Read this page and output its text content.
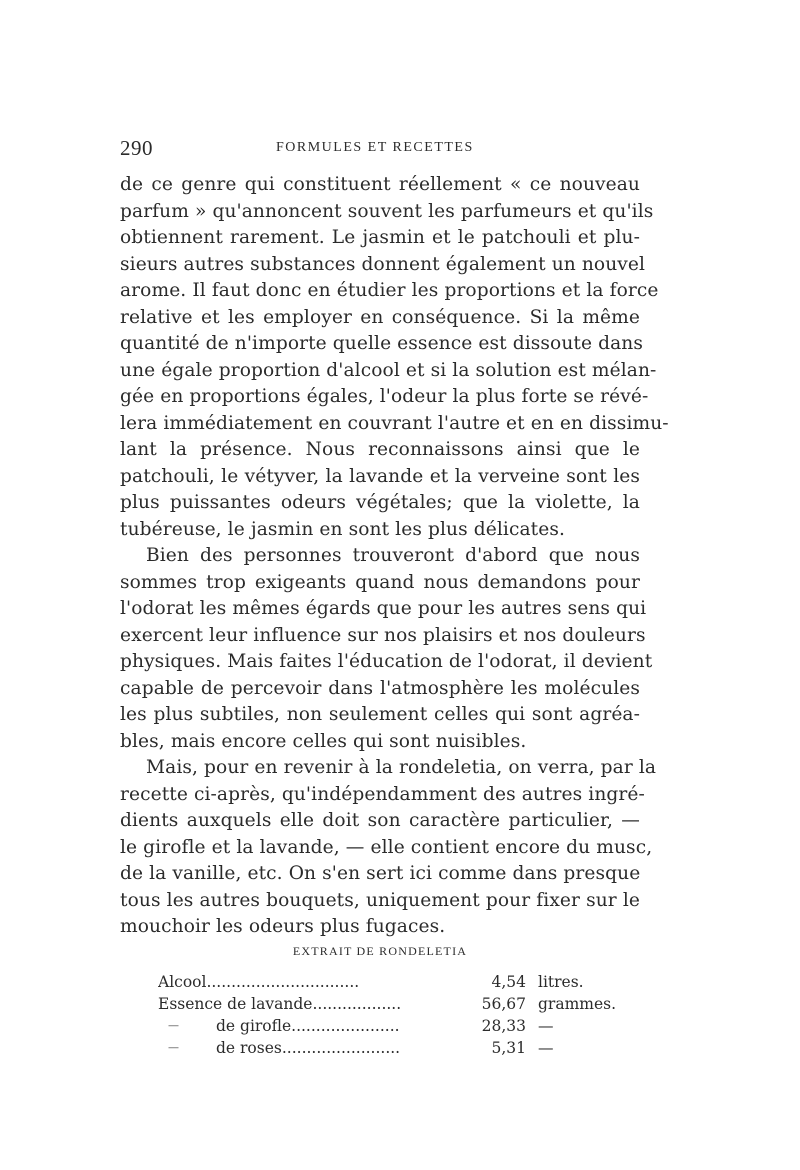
290	FORMULES ET RECETTES
de ce genre qui constituent réellement « ce nouveau
parfum » qu'annoncent souvent les parfumeurs et qu'ils
obtiennent rarement. Le jasmin et le patchouli et plu-
sieurs autres substances donnent également un nouvel
arome. Il faut donc en étudier les proportions et la force
relative et les employer en conséquence. Si la même
quantité de n'importe quelle essence est dissoute dans
une égale proportion d'alcool et si la solution est mélan-
gée en proportions égales, l'odeur la plus forte se révé-
lera immédiatement en couvrant l'autre et en en dissimu-
lant la présence. Nous reconnaissons ainsi que le
patchouli, le vétyver, la lavande et la verveine sont les
plus puissantes odeurs végétales; que la violette, la
tubéreuse, le jasmin en sont les plus délicates.
Bien des personnes trouveront d'abord que nous
sommes trop exigeants quand nous demandons pour
l'odorat les mêmes égards que pour les autres sens qui
exercent leur influence sur nos plaisirs et nos douleurs
physiques. Mais faites l'éducation de l'odorat, il devient
capable de percevoir dans l'atmosphère les molécules
les plus subtiles, non seulement celles qui sont agréa-
bles, mais encore celles qui sont nuisibles.
Mais, pour en revenir à la rondeletia, on verra, par la
recette ci-après, qu'indépendamment des autres ingré-
dients auxquels elle doit son caractère particulier, —
le girofle et la lavande, — elle contient encore du musc,
de la vanille, etc. On s'en sert ici comme dans presque
tous les autres bouquets, uniquement pour fixer sur le
mouchoir les odeurs plus fugaces.
EXTRAIT DE RONDELETIA
Alcool...............................	4,54 litres.
Essence de lavande..................	56,67 grammes.
— de girofle......................	28,33 —
— de roses........................	5,31 —
